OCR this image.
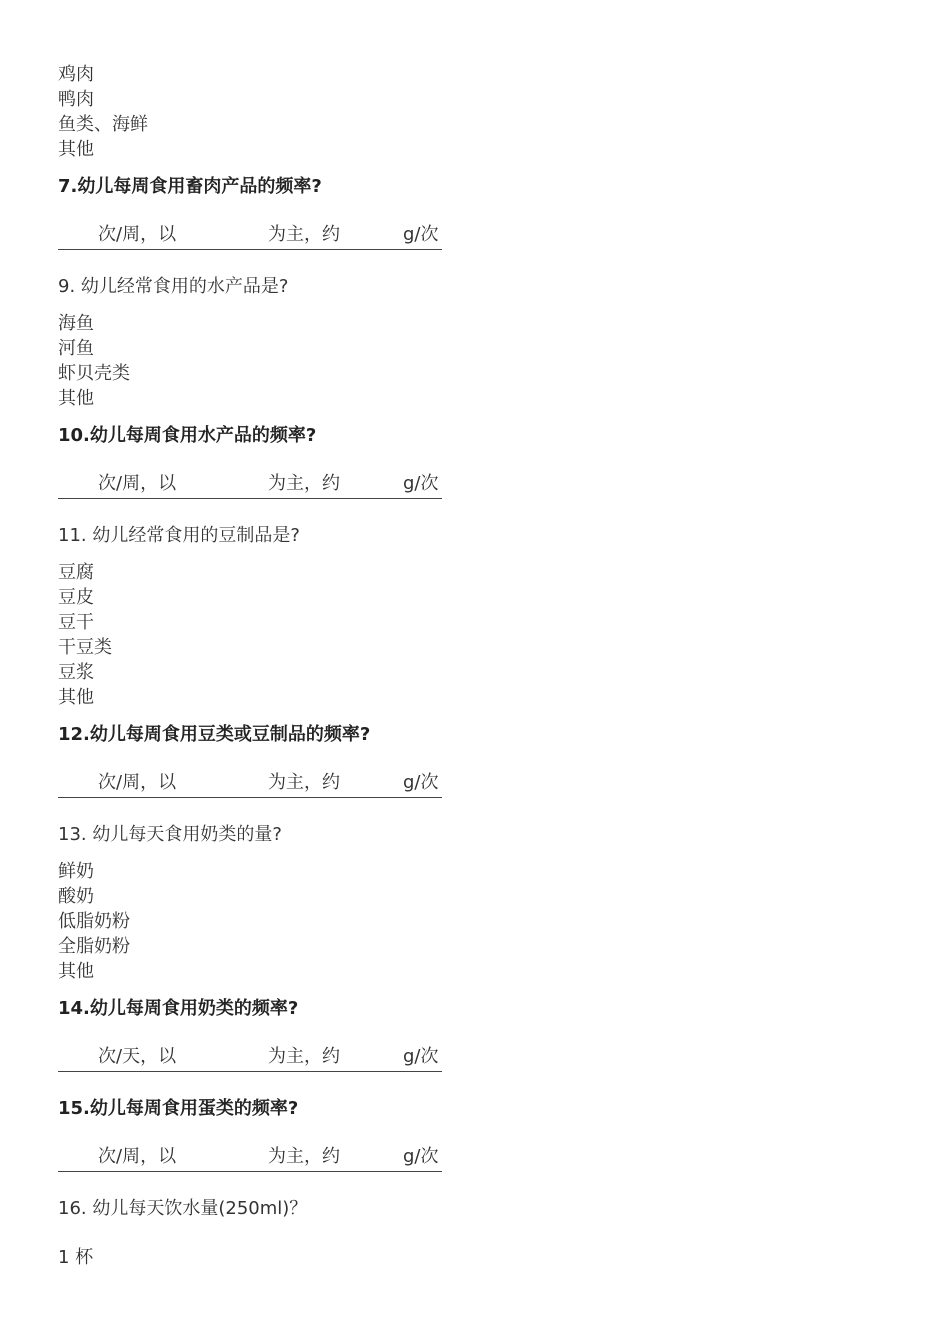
鸡肉
鸭肉
鱼类、海鲜
其他
7.幼儿每周食用畜肉产品的频率?
次/周，以	为主，约	g/次
9. 幼儿经常食用的水产品是?
海鱼
河鱼
虾贝壳类
其他
10.幼儿每周食用水产品的频率?
次/周，以	为主，约	g/次
11. 幼儿经常食用的豆制品是?
豆腐
豆皮
豆干
干豆类
豆浆
其他
12.幼儿每周食用豆类或豆制品的频率?
次/周，以	为主，约	g/次
13. 幼儿每天食用奶类的量?
鲜奶
酸奶
低脂奶粉
全脂奶粉
其他
14.幼儿每周食用奶类的频率?
次/天，以	为主，约	g/次
15.幼儿每周食用蛋类的频率?
次/周，以	为主，约	g/次
16. 幼儿每天饮水量(250ml)？
1 杯
